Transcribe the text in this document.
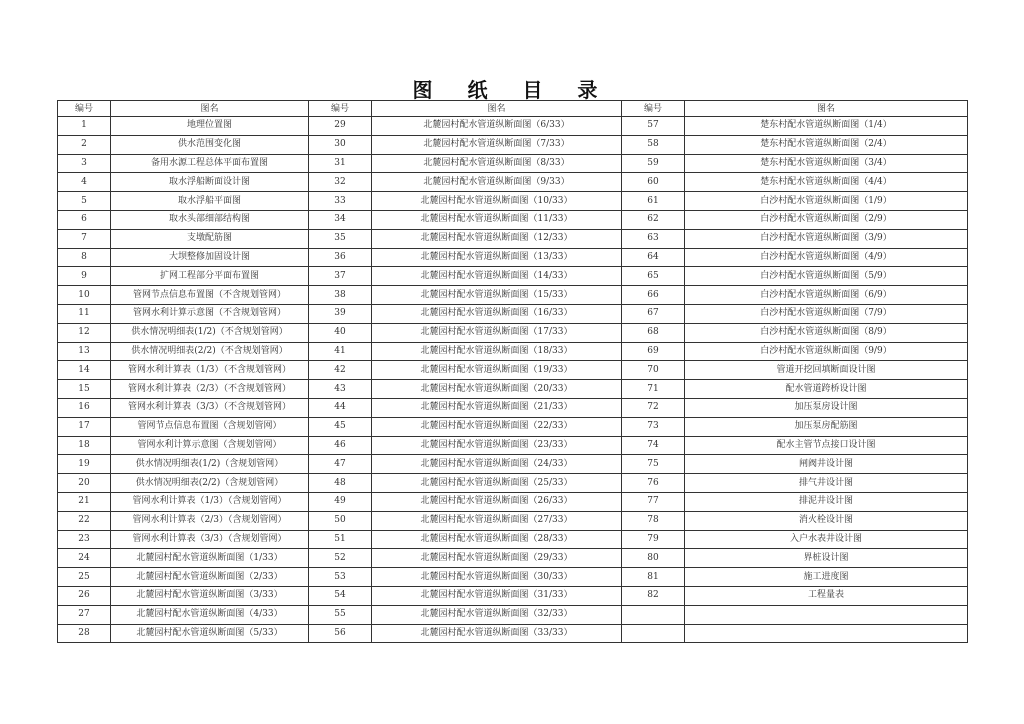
图 纸 目 录
编号	图名	编号	图名	编号	图名
1	地理位置图	29	北麓园村配水管道纵断面图（6/33）	57	楚东村配水管道纵断面图（1/4）
2	供水范围变化图	30	北麓园村配水管道纵断面图（7/33）	58	楚东村配水管道纵断面图（2/4）
3	备用水源工程总体平面布置图	31	北麓园村配水管道纵断面图（8/33）	59	楚东村配水管道纵断面图（3/4）
4	取水浮船断面设计图	32	北麓园村配水管道纵断面图（9/33）	60	楚东村配水管道纵断面图（4/4）
5	取水浮船平面图	33	北麓园村配水管道纵断面图（10/33）	61	白沙村配水管道纵断面图（1/9）
6	取水头部细部结构图	34	北麓园村配水管道纵断面图（11/33）	62	白沙村配水管道纵断面图（2/9）
7	支墩配筋图	35	北麓园村配水管道纵断面图（12/33）	63	白沙村配水管道纵断面图（3/9）
8	大坝整修加固设计图	36	北麓园村配水管道纵断面图（13/33）	64	白沙村配水管道纵断面图（4/9）
9	扩网工程部分平面布置图	37	北麓园村配水管道纵断面图（14/33）	65	白沙村配水管道纵断面图（5/9）
10	管网节点信息布置图（不含规划管网）	38	北麓园村配水管道纵断面图（15/33）	66	白沙村配水管道纵断面图（6/9）
11	管网水利计算示意图（不含规划管网）	39	北麓园村配水管道纵断面图（16/33）	67	白沙村配水管道纵断面图（7/9）
12	供水情况明细表(1/2)（不含规划管网）	40	北麓园村配水管道纵断面图（17/33）	68	白沙村配水管道纵断面图（8/9）
13	供水情况明细表(2/2)（不含规划管网）	41	北麓园村配水管道纵断面图（18/33）	69	白沙村配水管道纵断面图（9/9）
14	管网水利计算表（1/3）（不含规划管网）	42	北麓园村配水管道纵断面图（19/33）	70	管道开挖回填断面设计图
15	管网水利计算表（2/3）（不含规划管网）	43	北麓园村配水管道纵断面图（20/33）	71	配水管道跨桥设计图
16	管网水利计算表（3/3）（不含规划管网）	44	北麓园村配水管道纵断面图（21/33）	72	加压泵房设计图
17	管网节点信息布置图（含规划管网）	45	北麓园村配水管道纵断面图（22/33）	73	加压泵房配筋图
18	管网水利计算示意图（含规划管网）	46	北麓园村配水管道纵断面图（23/33）	74	配水主管节点接口设计图
19	供水情况明细表(1/2)（含规划管网）	47	北麓园村配水管道纵断面图（24/33）	75	闸阀井设计图
20	供水情况明细表(2/2)（含规划管网）	48	北麓园村配水管道纵断面图（25/33）	76	排气井设计图
21	管网水利计算表（1/3）（含规划管网）	49	北麓园村配水管道纵断面图（26/33）	77	排泥井设计图
22	管网水利计算表（2/3）（含规划管网）	50	北麓园村配水管道纵断面图（27/33）	78	消火栓设计图
23	管网水利计算表（3/3）（含规划管网）	51	北麓园村配水管道纵断面图（28/33）	79	入户水表井设计图
24	北麓园村配水管道纵断面图（1/33）	52	北麓园村配水管道纵断面图（29/33）	80	界桩设计图
25	北麓园村配水管道纵断面图（2/33）	53	北麓园村配水管道纵断面图（30/33）	81	施工进度图
26	北麓园村配水管道纵断面图（3/33）	54	北麓园村配水管道纵断面图（31/33）	82	工程量表
27	北麓园村配水管道纵断面图（4/33）	55	北麓园村配水管道纵断面图（32/33）		
28	北麓园村配水管道纵断面图（5/33）	56	北麓园村配水管道纵断面图（33/33）		
